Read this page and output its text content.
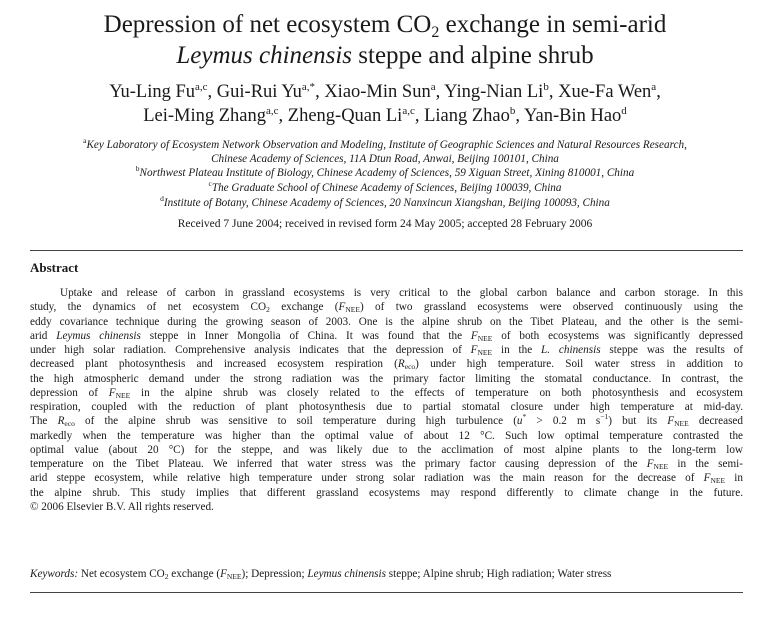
Depression of net ecosystem $CO_2$ exchange in semi-arid
Leymus chinensis steppe and alpine shrub
Yu-Ling Fu$^{a,c}$, Gui-Rui $Yu^{a,*}$, Xiao-Min Sun$^a$, Ying-Nian Li$^b$, Xue-Fa Wen$^a$,
Lei-Ming Zhang$^{a,c}$, Zheng-Quan Li$^{a,c}$, Liang Zhao$^b$, Yan-Bin Hao$^d$
$^a$Key Laboratory of Ecosystem Network Observation and Modeling, Institute of Geographic Sciences and Natural Resources Research,
Chinese Academy of Sciences, 11A Dtun Road, Anwai, Beijing 100101, China
$^b$Northwest Plateau Institute of Biology, Chinese Academy of Sciences, 59 Xiguan Street, Xining 810001, China
$^c$The Graduate School of Chinese Academy of Sciences, Beijing 100039, China
$^d$Institute of Botany, Chinese Academy of Sciences, 20 Nanxincun Xiangshan, Beijing 100093, China
Received 7 June 2004; received in revised form 24 May 2005; accepted 28 February 2006
Abstract
Uptake and release of carbon in grassland ecosystems is very critical to the global carbon balance and carbon storage. In this
study, the dynamics of net ecosystem $CO_2$ exchange $(F_{NEE})$ of two grassland ecosystems were observed continuously using the
eddy covariance technique during the growing season of 2003. One is the alpine shrub on the Tibet Plateau, and the other is the semi-
arid Leymus chinensis steppe in Inner Mongolia of China. It was found that the $F_{NEE}$ of both ecosystems was significantly depressed
under high solar radiation. Comprehensive analysis indicates that the depression of $F_{NEE}$ in the L. chinensis steppe was the results of
decreased plant photosynthesis and increased ecosystem respiration $(R_{eco})$ under high temperature. Soil water stress in addition to
the high atmospheric demand under the strong radiation was the primary factor limiting the stomatal conductance. In contrast, the
depression of $F_{NEE}$ in the alpine shrub was closely related to the effects of temperature on both photosynthesis and ecosystem
respiration, coupled with the reduction of plant photosynthesis due to partial stomatal closure under high temperature at mid-day.
The $R_{eco}$ of the alpine shrub was sensitive to soil temperature during high turbulence (u* > 0.2 m $s^{-1}$) but its $F_{NEE}$ decreased
markedly when the temperature was higher than the optimal value of about 12 °C. Such low optimal temperature contrasted the
optimal value (about 20 °C) for the steppe, and was likely due to the acclimation of most alpine plants to the long-term low
temperature on the Tibet Plateau. We inferred that water stress was the primary factor causing depression of the $F_{NEE}$ in the semi-
arid steppe ecosystem, while relative high temperature under strong solar radiation was the main reason for the decrease of $F_{NEE}$ in
the alpine shrub. This study implies that different grassland ecosystems may respond differently to climate change in the future.
© 2006 Elsevier B.V. All rights reserved.
Keywords: Net ecosystem $CO_2$ exchange $(F_{NEE})$; Depression; Leymus chinensis steppe; Alpine shrub; High radiation; Water stress
